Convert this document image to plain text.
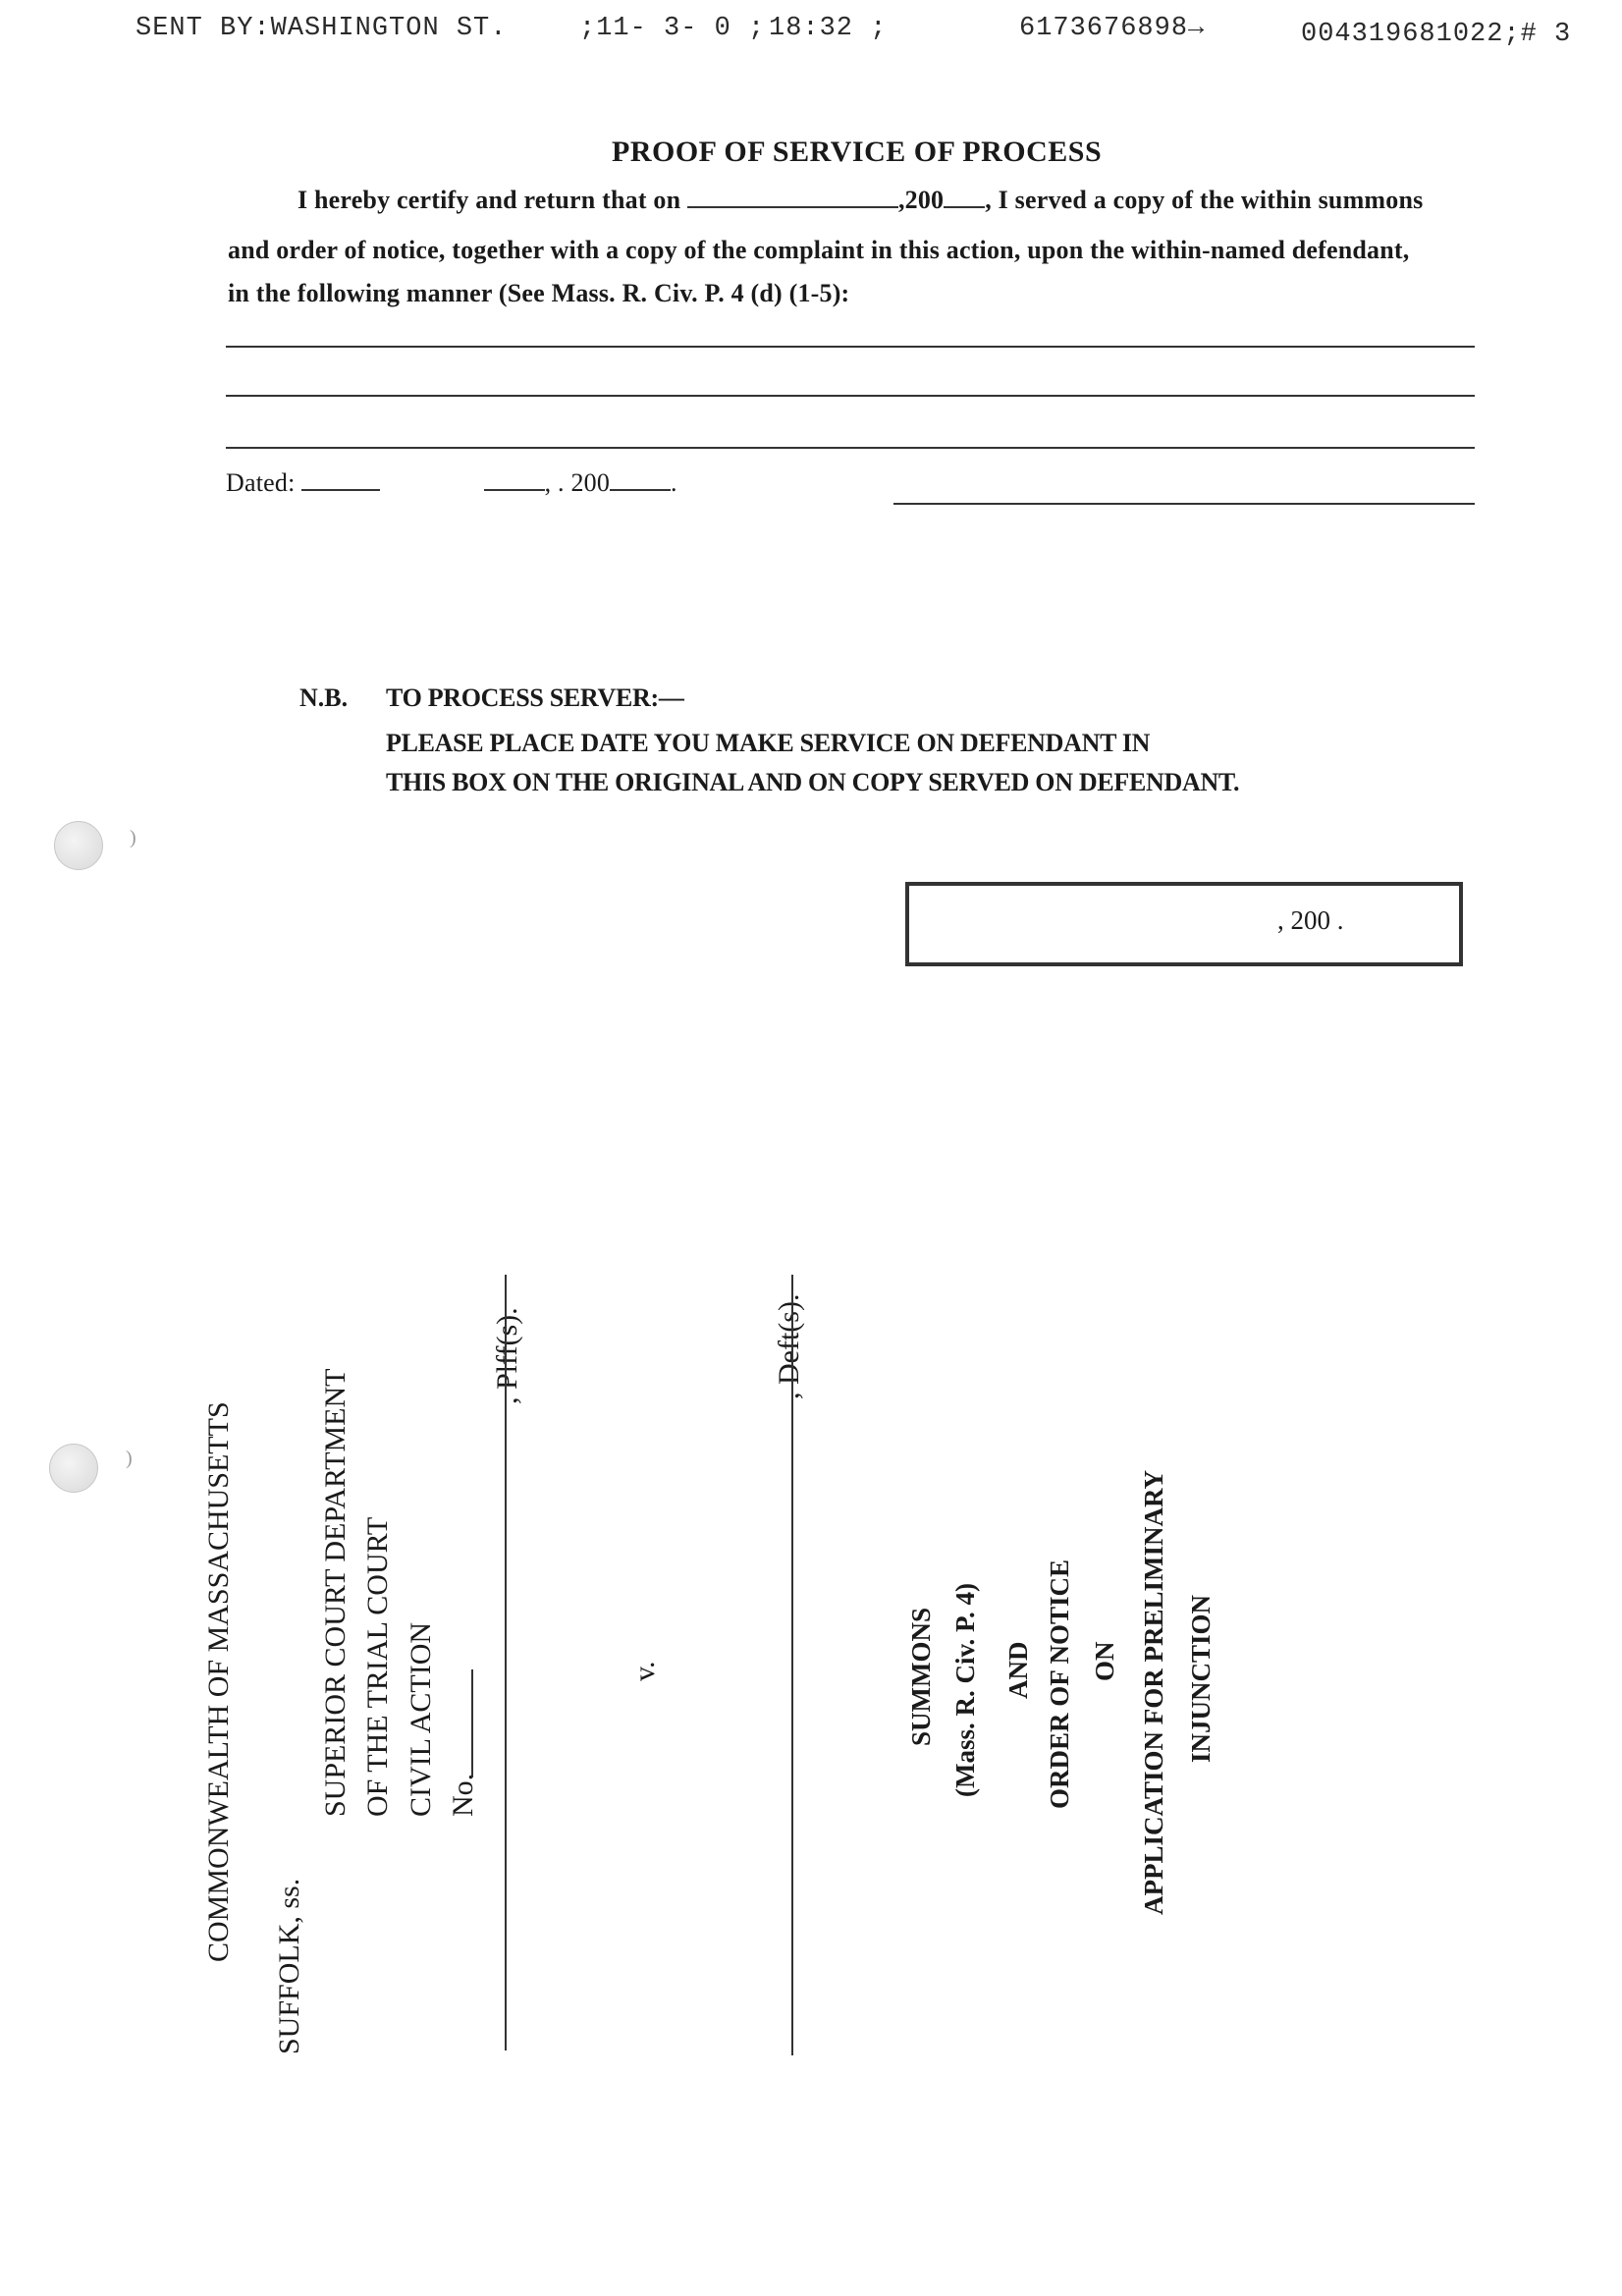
SENT BY:WASHINGTON ST.	;11- 3- 0 ; 18:32 ;	6173676898→	004319681022;# 3
PROOF OF SERVICE OF PROCESS
I hereby certify and return that on	,200 , I served a copy of the within summons
and order of notice, together with a copy of the complaint in this action, upon the within-named defendant,
in the following manner (See Mass. R. Civ. P. 4 (d) (1-5):
Dated:	, . 200 .
N.B. TO PROCESS SERVER:—
PLEASE PLACE DATE YOU MAKE SERVICE ON DEFENDANT IN
THIS BOX ON THE ORIGINAL AND ON COPY SERVED ON DEFENDANT.
, 200 .
)
) COMMONWEALTH OF MASSACHUSETTS
SUFFOLK, ss.
SUPERIOR COURT DEPARTMENT OF THE TRIAL COURT CIVIL ACTION No.
, Plff(s).
v.
, Deft(s).
SUMMONS (Mass. R. Civ. P. 4) AND ORDER OF NOTICE ON APPLICATION FOR PRELIMINARY INJUNCTION
